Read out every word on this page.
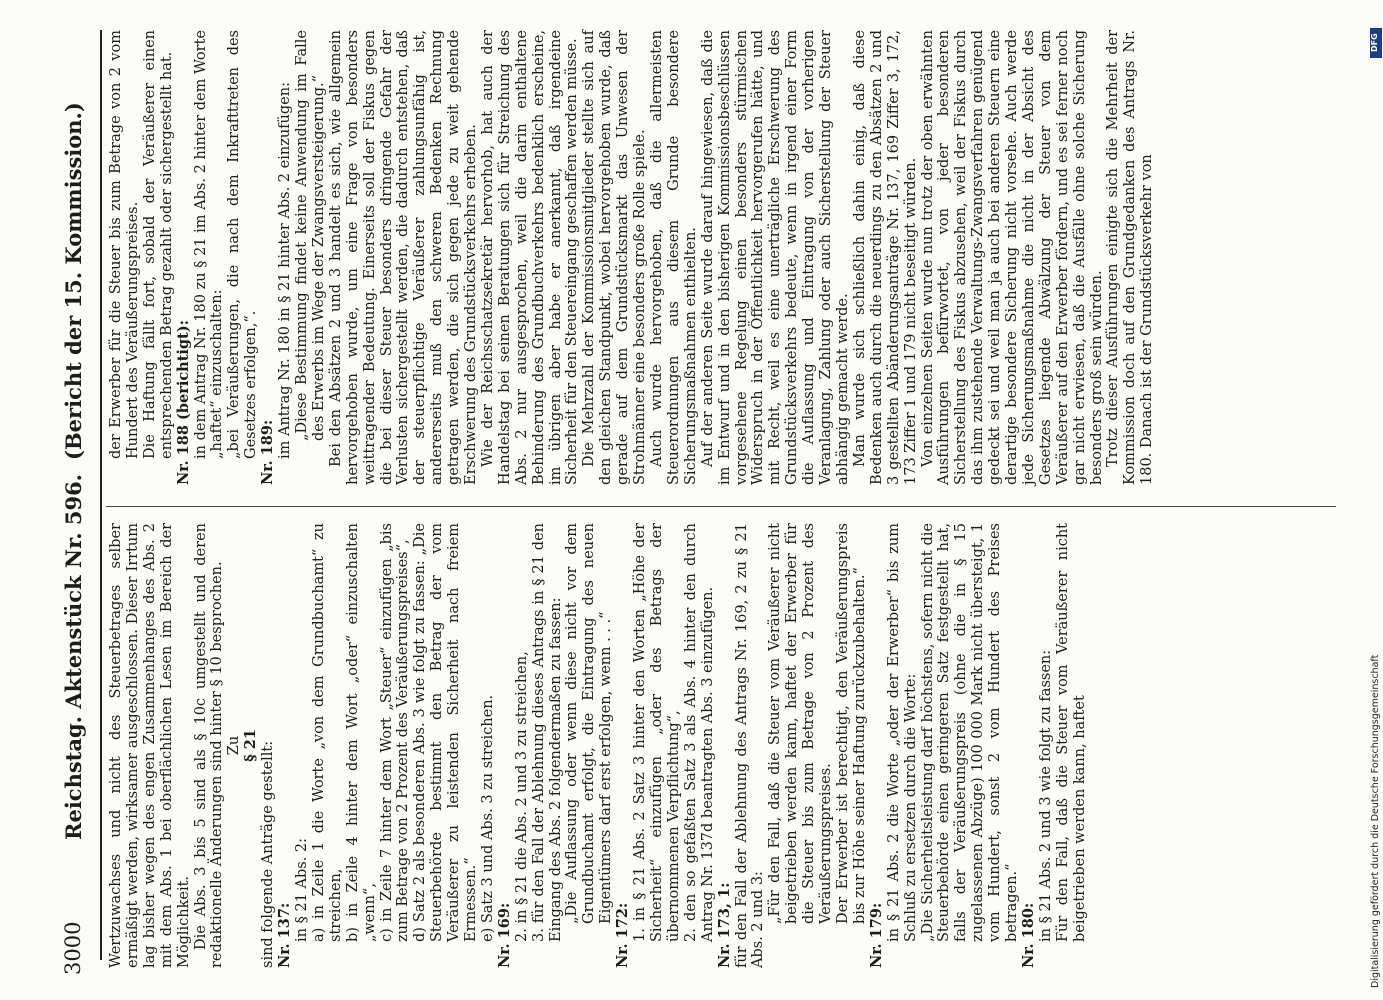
3000
Reichstag. Aktenstück Nr. 596.
(Bericht der 15. Kommission.)

Wertzuwachses und nicht des Steuerbetrages selber ermäßigt werden, wirksamer ausgeschlossen. Dieser Irrtum lag bisher wegen des engen Zusammenhanges des Abs. 2 mit dem Abs. 1 bei oberflächlichen Lesen im Bereich der Möglichkeit. Die Abs. 3 bis 5 sind als § 10c umgestellt und deren redaktionelle Änderungen sind hinter § 10 besprochen. Zu § 21 sind folgende Anträge gestellt: Nr. 137: in § 21 Abs. 2: a) in Zeile 1 die Worte „von dem Grundbuchamt“ zu streichen, b) in Zeile 4 hinter dem Wort „oder“ einzuschalten „wenn“, c) in Zeile 7 hinter dem Wort „Steuer“ einzufügen „bis zum Betrage von 2 Prozent des Veräußerungspreises“, d) Satz 2 als besonderen Abs. 3 wie folgt zu fassen: „Die Steuerbehörde bestimmt den Betrag der vom Veräußerer zu leistenden Sicherheit nach freiem Ermessen.“ e) Satz 3 und Abs. 3 zu streichen. Nr. 169: 2. in § 21 die Abs. 2 und 3 zu streichen, 3. für den Fall der Ablehnung dieses Antrags in § 21 den Eingang des Abs. 2 folgendermaßen zu fassen: „Die Auflassung oder wenn diese nicht vor dem Grundbuchamt erfolgt, die Eintragung des neuen Eigentümers darf erst erfolgen, wenn . . .“

Nr. 172: 1. in § 21 Abs. 2 Satz 3 hinter den Worten „Höhe der Sicherheit“ einzufügen „oder des Betrags der übernommenen Verpflichtung“, 2. den so gefaßten Satz 3 als Abs. 4 hinter den durch Antrag Nr. 137d beantragten Abs. 3 einzufügen. Nr. 173, 1: für den Fall der Ablehnung des Antrags Nr. 169, 2 zu § 21 Abs. 2 und 3: „Für den Fall, daß die Steuer vom Veräußerer nicht beigetrieben werden kann, haftet der Erwerber für die Steuer bis zum Betrage von 2 Prozent des Veräußerungspreises. Der Erwerber ist berechtigt, den Veräußerungspreis bis zur Höhe seiner Haftung zurückzubehalten.“

Nr. 179: in § 21 Abs. 2 die Worte „oder der Erwerber“ bis zum Schluß zu ersetzen durch die Worte: „Die Sicherheitsleistung darf höchstens, sofern nicht die Steuerbehörde einen geringeren Satz festgestellt hat, falls der Veräußerungspreis (ohne die in § 15 zugelassenen Abzüge) 100 000 Mark nicht übersteigt, 1 vom Hundert, sonst 2 vom Hundert des Preises betragen.“ Nr. 180: in § 21 Abs. 2 und 3 wie folgt zu fassen: Für den Fall, daß die Steuer vom Veräußerer nicht beigetrieben werden kann, haftet

der Erwerber für die Steuer bis zum Betrage von 2 vom Hundert des Veräußerungspreises. Die Haftung fällt fort, sobald der Veräußerer einen entsprechenden Betrag gezahlt oder sichergestellt hat. Nr. 188 (berichtigt): in dem Antrag Nr. 180 zu § 21 im Abs. 2 hinter dem Worte „haftet“ einzuschalten: „bei Veräußerungen, die nach dem Inkrafttreten des Gesetzes erfolgen,“. Nr. 189: im Antrag Nr. 180 in § 21 hinter Abs. 2 einzufügen: „Diese Bestimmung findet keine Anwendung im Falle des Erwerbs im Wege der Zwangsversteigerung.“ Bei den Absätzen 2 und 3 handelt es sich, wie allgemein hervorgehoben wurde, um eine Frage von besonders weittragender Bedeutung. Einerseits soll der Fiskus gegen die bei dieser Steuer besonders dringende Gefahr der Verlusten sichergestellt werden, die dadurch entstehen, daß der steuerpflichtige Veräußerer zahlungsunfähig ist, andererseits muß den schweren Bedenken Rechnung getragen werden, die sich gegen jede zu weit gehende Erschwerung des Grundstücksverkehrs erheben. Wie der Reichsschatzsekretär hervorhob, hat auch der Handelstag bei seinen Beratungen sich für Streichung des Abs. 2 nur ausgesprochen, weil die darin enthaltene Behinderung des Grundbuchverkehrs bedenklich erscheine, im übrigen aber habe er anerkannt, daß irgendeine Sicherheit für den Steuereingang geschaffen werden müsse. Die Mehrzahl der Kommissionsmitglieder stellte sich auf den gleichen Standpunkt, wobei hervorgehoben wurde, daß gerade auf dem Grundstücksmarkt das Unwesen der Strohmänner eine besonders große Rolle spiele. Auch wurde hervorgehoben, daß die allermeisten Steuerordnungen aus diesem Grunde besondere Sicherungsmaßnahmen enthielten. Auf der anderen Seite wurde darauf hingewiesen, daß die im Entwurf und in den bisherigen Kommissionsbeschlüssen vorgesehene Regelung einen besonders stürmischen Widerspruch in der Öffentlichkeit hervorgerufen hätte, und mit Recht, weil es eine unerträgliche Erschwerung des Grundstücksverkehrs bedeute, wenn in irgend einer Form die Auflassung und Eintragung von der vorherigen Veranlagung, Zahlung oder auch Sicherstellung der Steuer abhängig gemacht werde. Man wurde sich schließlich dahin einig, daß diese Bedenken auch durch die neuerdings zu den Absätzen 2 und 3 gestellten Abänderungsanträge Nr. 137, 169 Ziffer 3, 172, 173 Ziffer 1 und 179 nicht beseitigt würden. Von einzelnen Seiten wurde nun trotz der oben erwähnten Ausführungen befürwortet, von jeder besonderen Sicherstellung des Fiskus abzusehen, weil der Fiskus durch das ihm zustehende Verwaltungs-Zwangsverfahren genügend gedeckt sei und weil man ja auch bei anderen Steuern eine derartige besondere Sicherung nicht vorsehe. Auch werde jede Sicherungsmaßnahme die nicht in der Absicht des Gesetzes liegende Abwälzung der Steuer von dem Veräußerer auf den Erwerber fördern, und es sei ferner noch gar nicht erwiesen, daß die Ausfälle ohne solche Sicherung besonders groß sein würden. Trotz dieser Ausführungen einigte sich die Mehrheit der Kommission doch auf den Grundgedanken des Antrags Nr. 180. Danach ist der Grundstücksverkehr von

Digitalisierung gefördert durch die Deutsche Forschungsgemeinschaft
DFG
